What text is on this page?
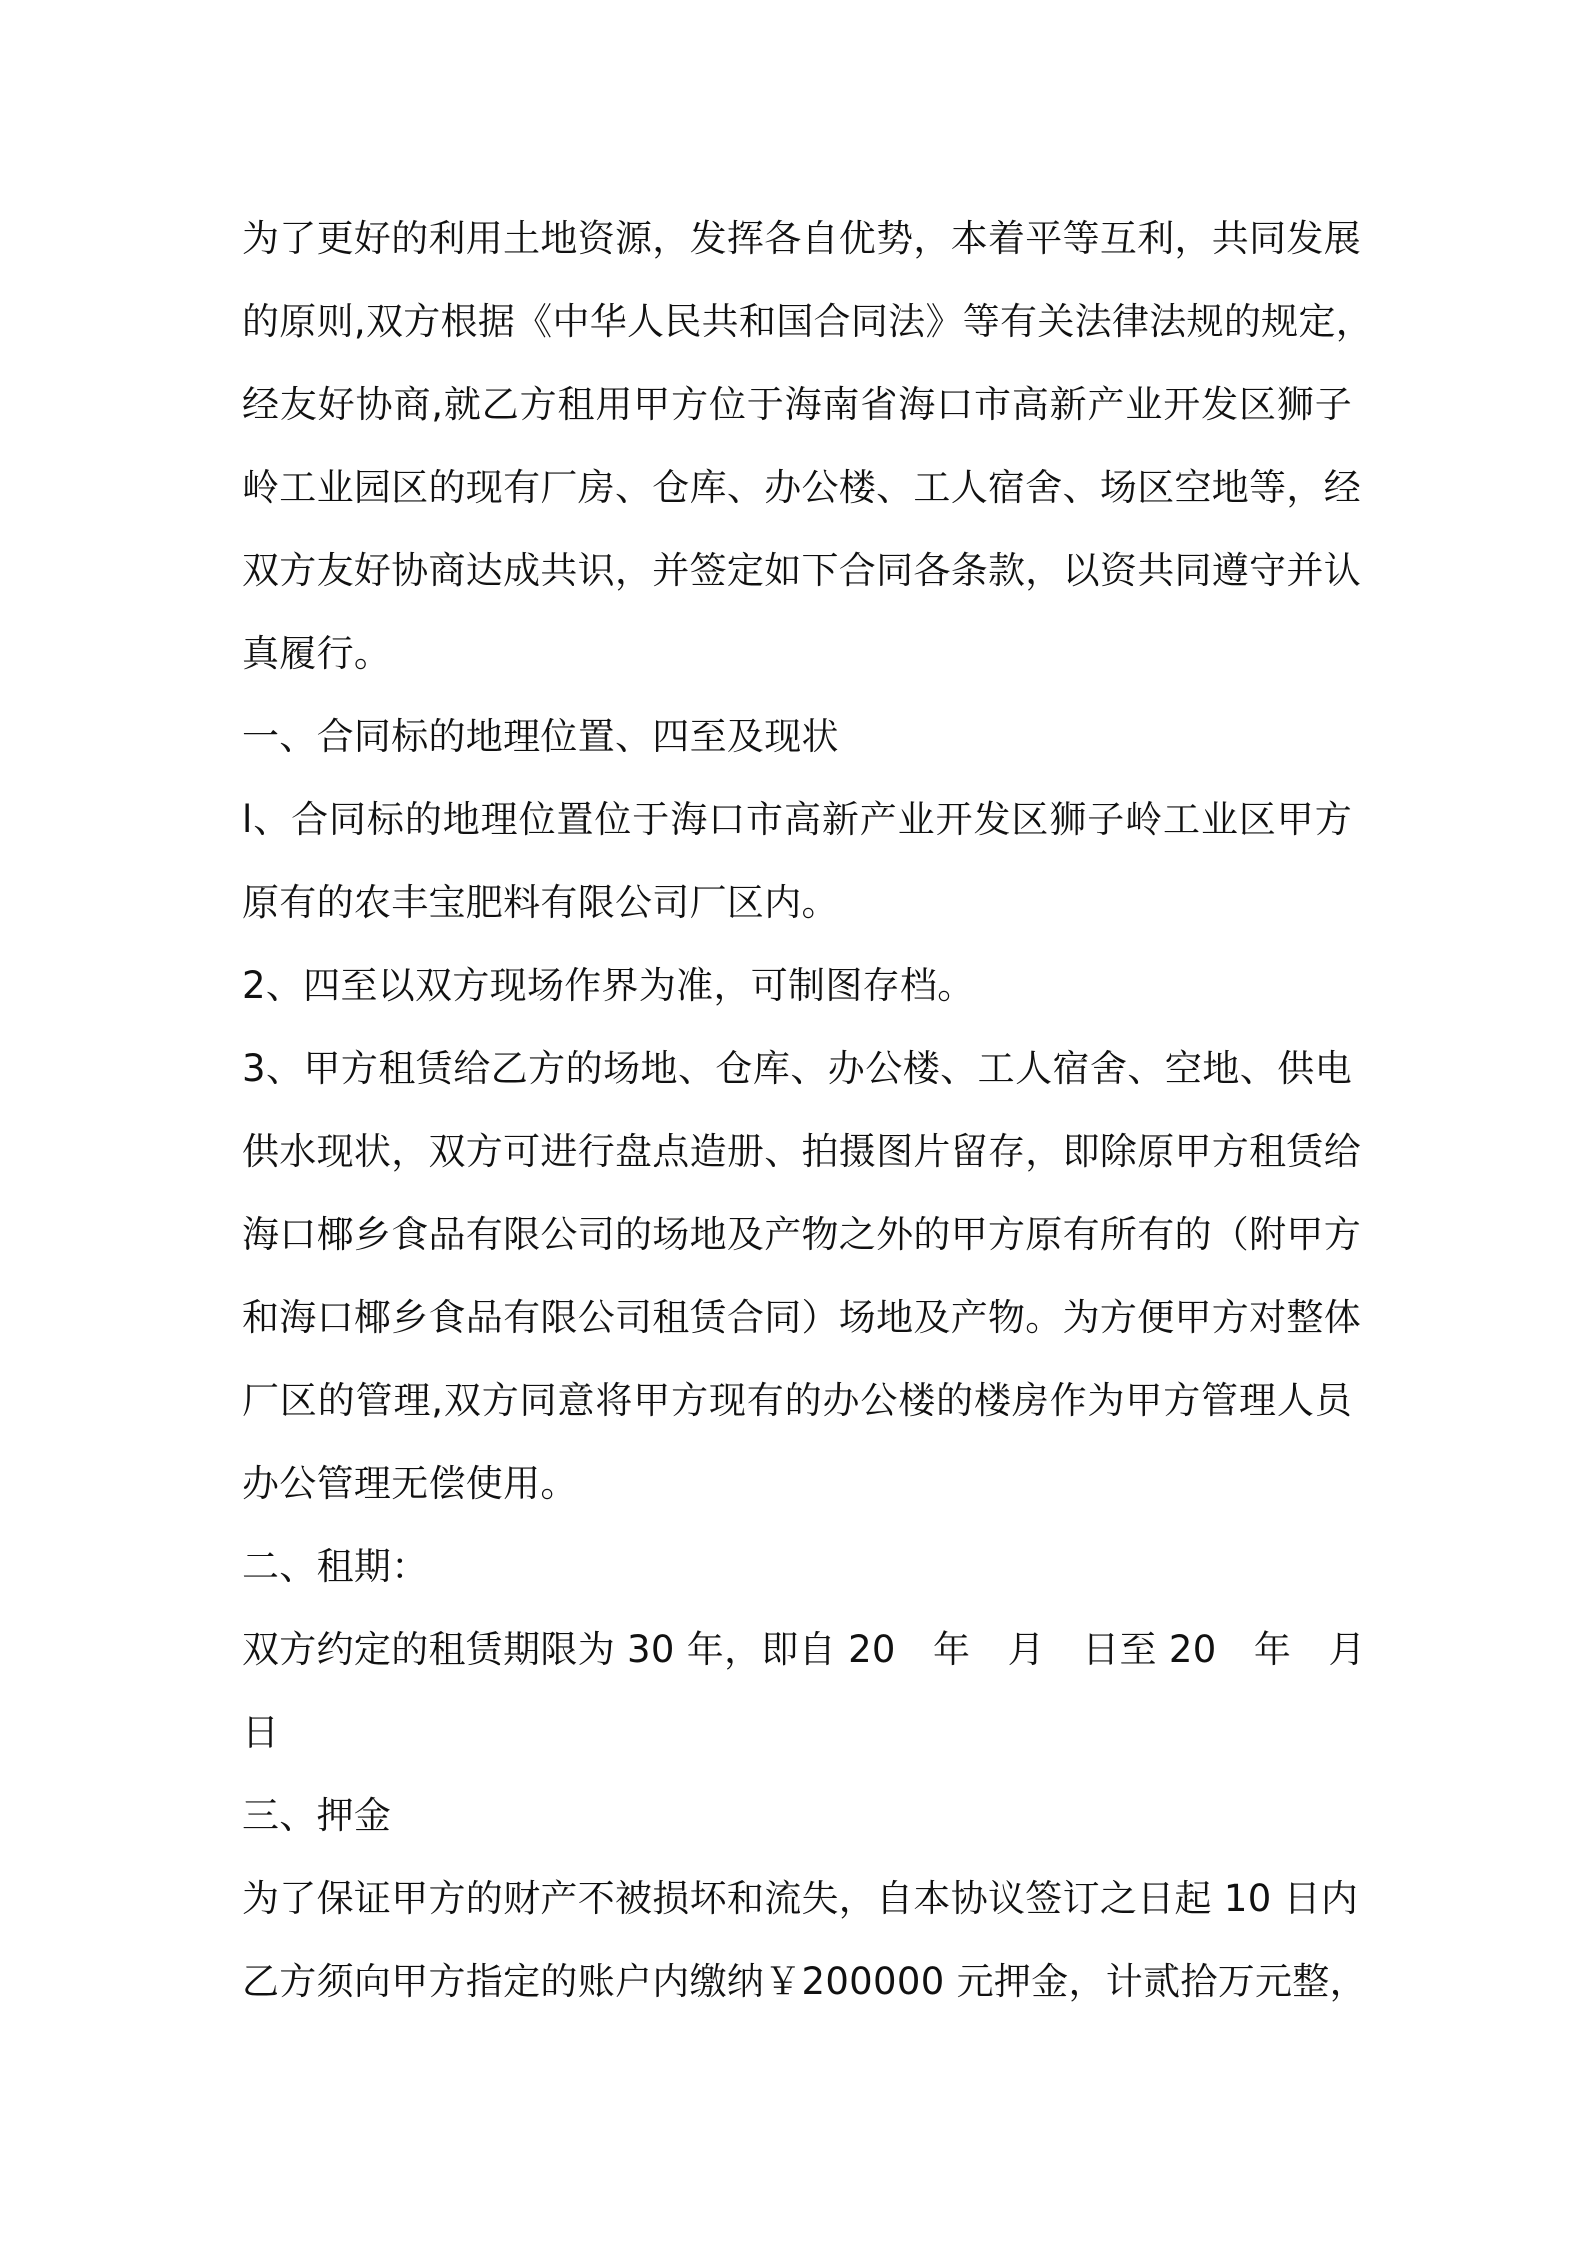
为了更好的利用土地资源，发挥各自优势，本着平等互利，共同发展
的原则,双方根据《中华人民共和国合同法》等有关法律法规的规定，
经友好协商,就乙方租用甲方位于海南省海口市高新产业开发区狮子
岭工业园区的现有厂房、仓库、办公楼、工人宿舍、场区空地等，经
双方友好协商达成共识，并签定如下合同各条款，以资共同遵守并认
真履行。
一、合同标的地理位置、四至及现状
l、合同标的地理位置位于海口市高新产业开发区狮子岭工业区甲方
原有的农丰宝肥料有限公司厂区内。
2、四至以双方现场作界为准，可制图存档。
3、甲方租赁给乙方的场地、仓库、办公楼、工人宿舍、空地、供电
供水现状，双方可进行盘点造册、拍摄图片留存，即除原甲方租赁给
海口椰乡食品有限公司的场地及产物之外的甲方原有所有的（附甲方
和海口椰乡食品有限公司租赁合同）场地及产物。为方便甲方对整体
厂区的管理,双方同意将甲方现有的办公楼的楼房作为甲方管理人员
办公管理无偿使用。
二、租期：
双方约定的租赁期限为 30 年，即自 20　年　月　日至 20　年　月
日
三、押金
为了保证甲方的财产不被损坏和流失，自本协议签订之日起 10 日内
乙方须向甲方指定的账户内缴纳￥200000 元押金，计贰拾万元整，
